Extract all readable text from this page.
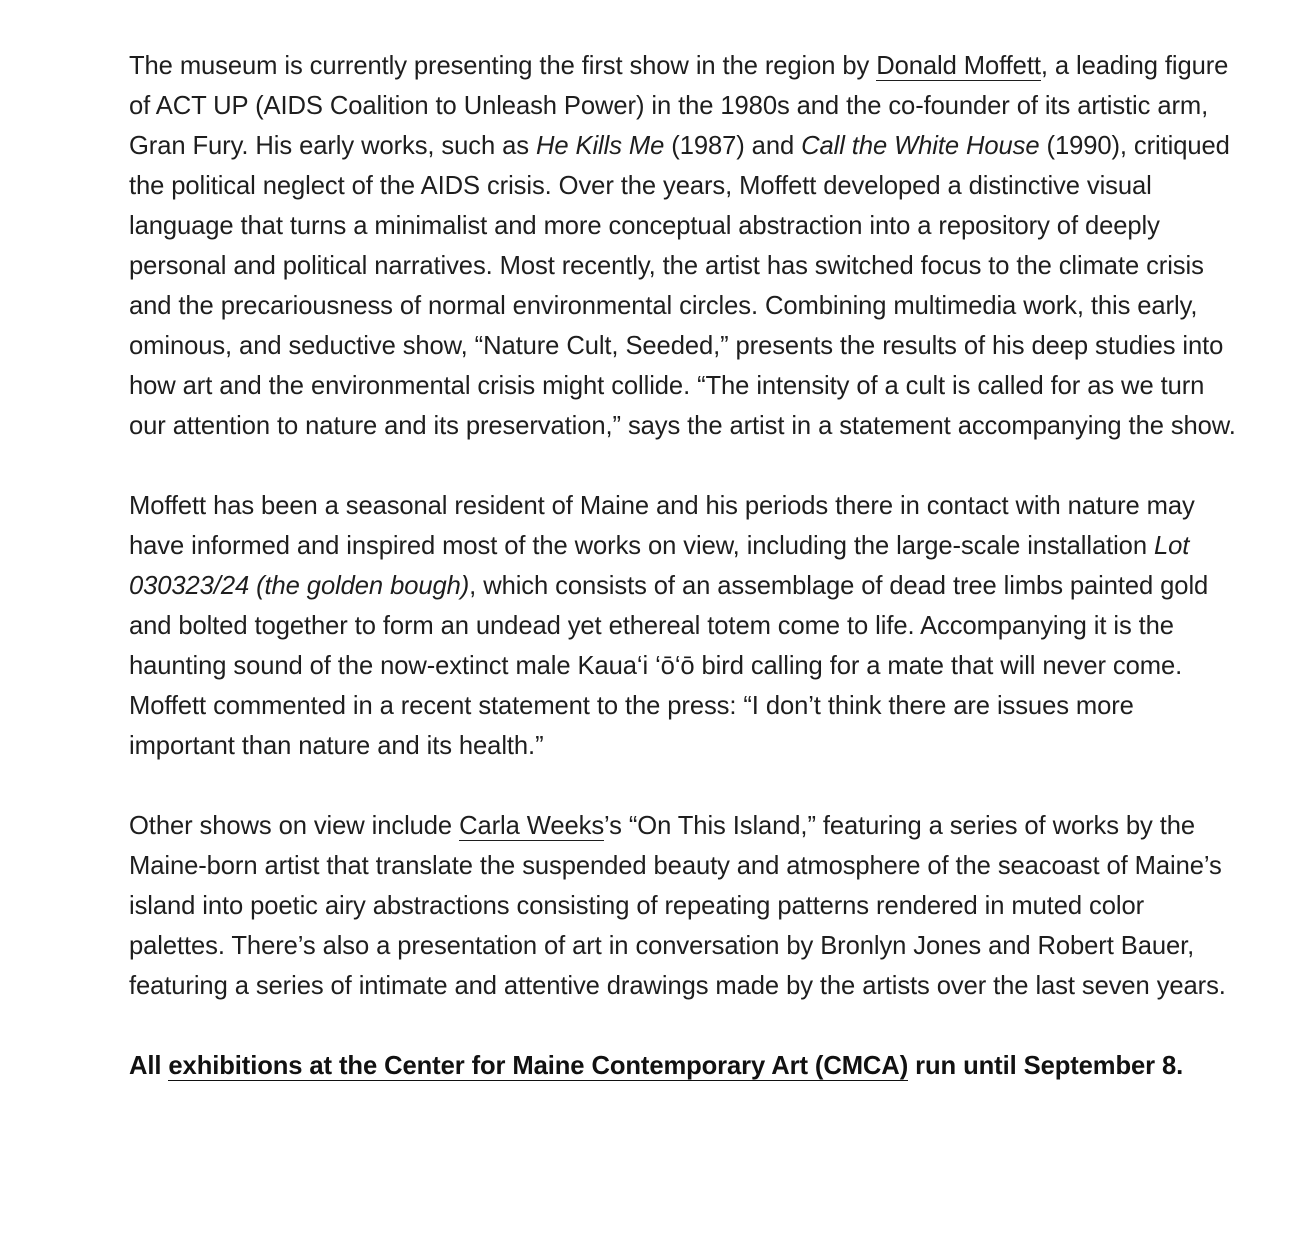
The museum is currently presenting the first show in the region by Donald Moffett, a leading figure of ACT UP (AIDS Coalition to Unleash Power) in the 1980s and the co-founder of its artistic arm, Gran Fury. His early works, such as He Kills Me (1987) and Call the White House (1990), critiqued the political neglect of the AIDS crisis. Over the years, Moffett developed a distinctive visual language that turns a minimalist and more conceptual abstraction into a repository of deeply personal and political narratives. Most recently, the artist has switched focus to the climate crisis and the precariousness of normal environmental circles. Combining multimedia work, this early, ominous, and seductive show, “Nature Cult, Seeded,” presents the results of his deep studies into how art and the environmental crisis might collide. “The intensity of a cult is called for as we turn our attention to nature and its preservation,” says the artist in a statement accompanying the show.

Moffett has been a seasonal resident of Maine and his periods there in contact with nature may have informed and inspired most of the works on view, including the large-scale installation Lot 030323/24 (the golden bough), which consists of an assemblage of dead tree limbs painted gold and bolted together to form an undead yet ethereal totem come to life. Accompanying it is the haunting sound of the now-extinct male Kaua‘i ‘ō‘ō bird calling for a mate that will never come. Moffett commented in a recent statement to the press: “I don’t think there are issues more important than nature and its health.”

Other shows on view include Carla Weeks’s “On This Island,” featuring a series of works by the Maine-born artist that translate the suspended beauty and atmosphere of the seacoast of Maine’s island into poetic airy abstractions consisting of repeating patterns rendered in muted color palettes. There’s also a presentation of art in conversation by Bronlyn Jones and Robert Bauer, featuring a series of intimate and attentive drawings made by the artists over the last seven years.

All exhibitions at the Center for Maine Contemporary Art (CMCA) run until September 8.
